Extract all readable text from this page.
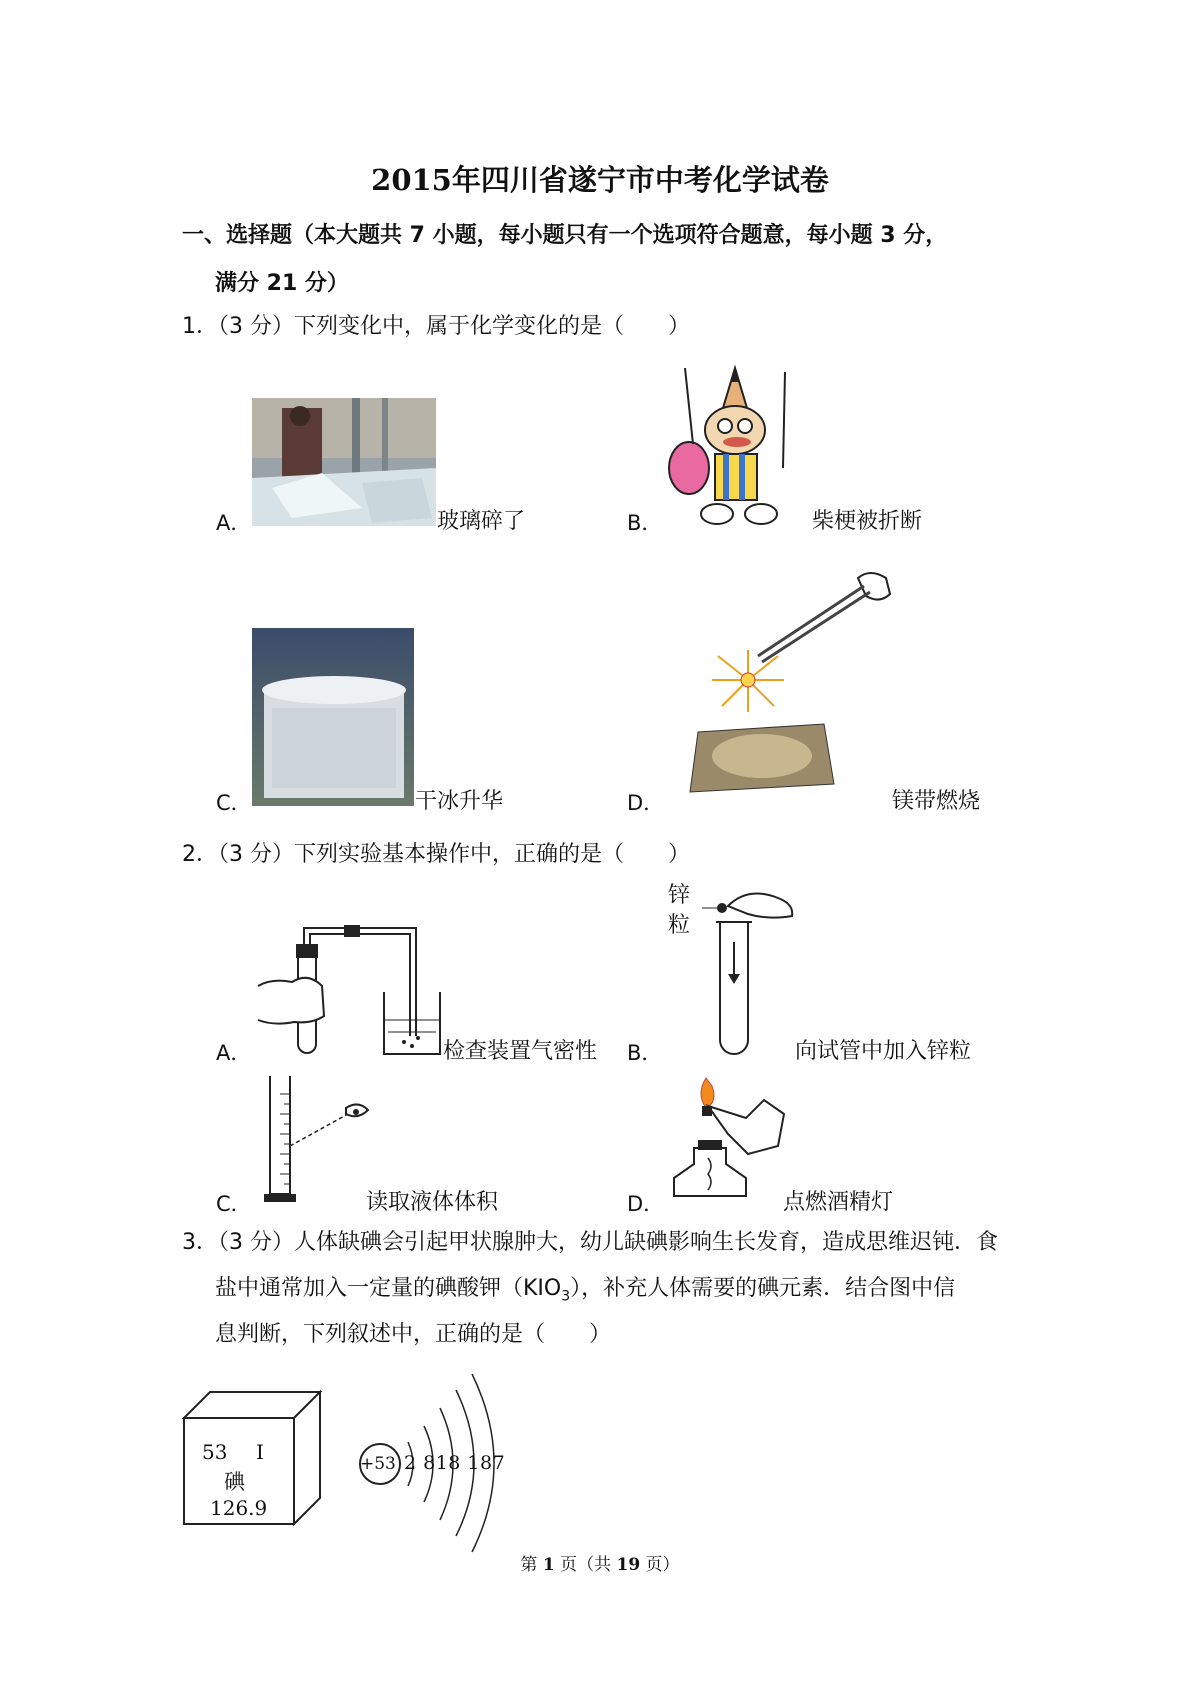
2015年四川省遂宁市中考化学试卷
一、选择题（本大题共 7 小题，每小题只有一个选项符合题意，每小题 3 分，
满分 21 分）
1．（3 分）下列变化中，属于化学变化的是（　　）
A．	玻璃碎了	B．	柴梗被折断
C．	干冰升华	D．	镁带燃烧
2．（3 分）下列实验基本操作中，正确的是（　　）
A．	检查装置气密性
锌
粒
B．	向试管中加入锌粒
C．	读取液体体积	D．	点燃酒精灯
3．（3 分）人体缺碘会引起甲状腺肿大，幼儿缺碘影响生长发育，造成思维迟钝．食
盐中通常加入一定量的碘酸钾$(KIO_3)$，补充人体需要的碘元素．结合图中信
息判断，下列叙述中，正确的是（　　）
53 I
碘
126.9
+53 2 818 187
第 1 页（共 19 页）
